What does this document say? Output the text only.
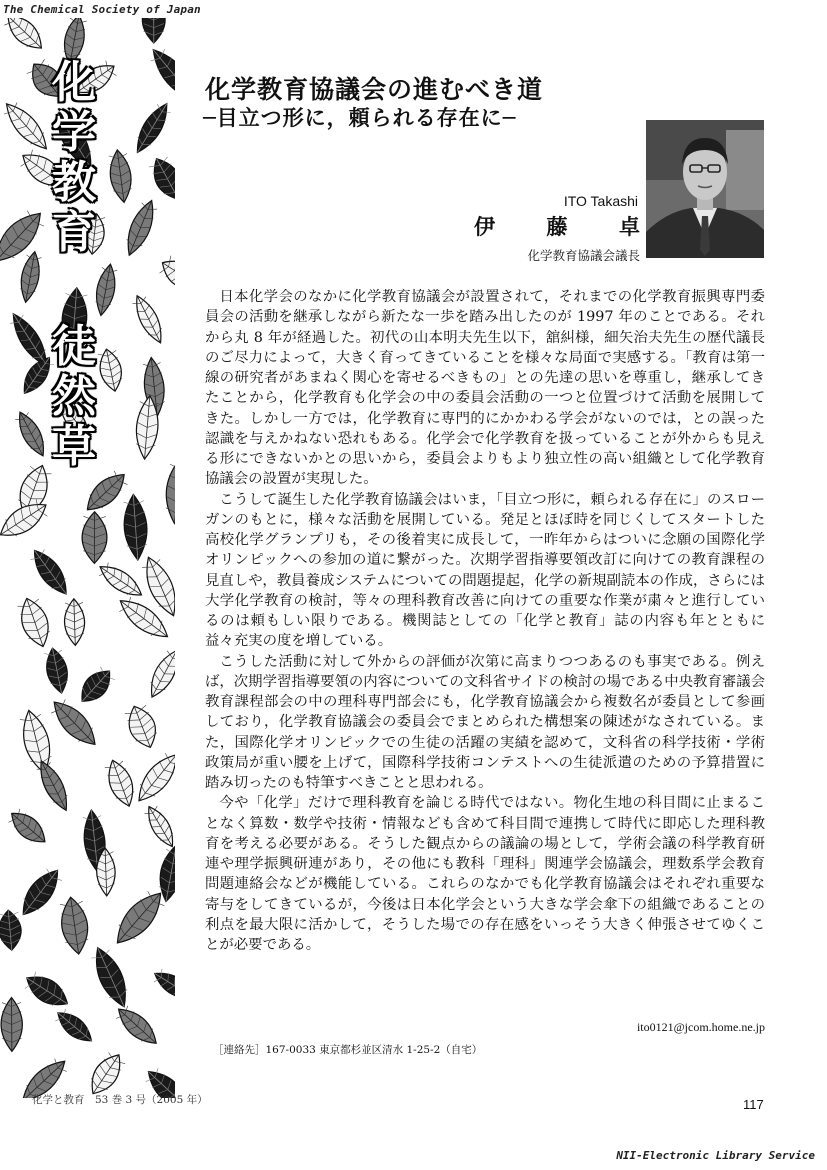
The Chemical Society of Japan
化
学
教
育
徒
然
草
化学教育協議会の進むべき道
─目立つ形に，頼られる存在に─
ITO Takashi
伊 藤 卓
化学教育協議会議長

日本化学会のなかに化学教育協議会が設置されて，それまでの化学教育振興専門委員会の活動を継承しながら新たな一歩を踏み出したのが 1997 年のことである。それから丸 8 年が経過した。初代の山本明夫先生以下，舘糾様，細矢治夫先生の歴代議長のご尽力によって，大きく育ってきていることを様々な局面で実感する。「教育は第一線の研究者があまねく関心を寄せるべきもの」との先達の思いを尊重し，継承してきたことから，化学教育も化学会の中の委員会活動の一つと位置づけて活動を展開してきた。しかし一方では，化学教育に専門的にかかわる学会がないのでは，との誤った認識を与えかねない恐れもある。化学会で化学教育を扱っていることが外からも見える形にできないかとの思いから，委員会よりもより独立性の高い組織として化学教育協議会の設置が実現した。

こうして誕生した化学教育協議会はいま，「目立つ形に，頼られる存在に」のスローガンのもとに，様々な活動を展開している。発足とほぼ時を同じくしてスタートした高校化学グランプリも，その後着実に成長して，一昨年からはついに念願の国際化学オリンピックへの参加の道に繋がった。次期学習指導要領改訂に向けての教育課程の見直しや，教員養成システムについての問題提起，化学の新規副読本の作成，さらには大学化学教育の検討，等々の理科教育改善に向けての重要な作業が粛々と進行しているのは頼もしい限りである。機関誌としての「化学と教育」誌の内容も年とともに益々充実の度を増している。

こうした活動に対して外からの評価が次第に高まりつつあるのも事実である。例えば，次期学習指導要領の内容についての文科省サイドの検討の場である中央教育審議会教育課程部会の中の理科専門部会にも，化学教育協議会から複数名が委員として参画しており，化学教育協議会の委員会でまとめられた構想案の陳述がなされている。また，国際化学オリンピックでの生徒の活躍の実績を認めて，文科省の科学技術・学術政策局が重い腰を上げて，国際科学技術コンテストへの生徒派遣のための予算措置に踏み切ったのも特筆すべきことと思われる。

今や「化学」だけで理科教育を論じる時代ではない。物化生地の科目間に止まることなく算数・数学や技術・情報なども含めて科目間で連携して時代に即応した理科教育を考える必要がある。そうした観点からの議論の場として，学術会議の科学教育研連や理学振興研連があり，その他にも教科「理科」関連学会協議会，理数系学会教育問題連絡会などが機能している。これらのなかでも化学教育協議会はそれぞれ重要な寄与をしてきているが，今後は日本化学会という大きな学会傘下の組織であることの利点を最大限に活かして，そうした場での存在感をいっそう大きく伸張させてゆくことが必要である。

ito0121@jcom.home.ne.jp
［連絡先］167-0033 東京都杉並区清水 1-25-2（自宅）
化学と教育　53 巻 3 号（2005 年）	117
NII-Electronic Library Service
